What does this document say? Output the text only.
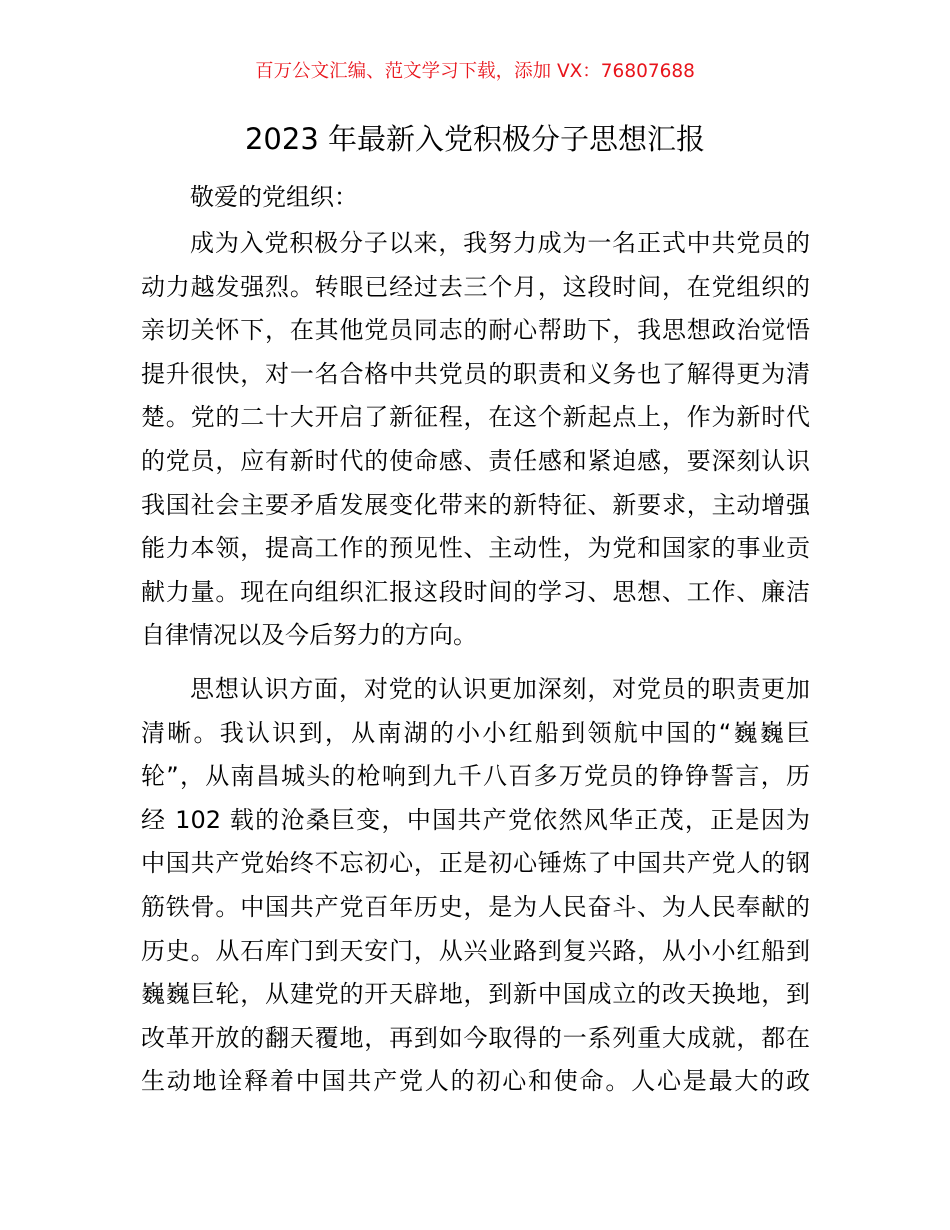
百万公文汇编、范文学习下载，添加 VX：76807688
2023 年最新入党积极分子思想汇报
敬爱的党组织：
成为入党积极分子以来，我努力成为一名正式中共党员的
动力越发强烈。转眼已经过去三个月，这段时间，在党组织的
亲切关怀下，在其他党员同志的耐心帮助下，我思想政治觉悟
提升很快，对一名合格中共党员的职责和义务也了解得更为清
楚。党的二十大开启了新征程，在这个新起点上，作为新时代
的党员，应有新时代的使命感、责任感和紧迫感，要深刻认识
我国社会主要矛盾发展变化带来的新特征、新要求，主动增强
能力本领，提高工作的预见性、主动性，为党和国家的事业贡
献力量。现在向组织汇报这段时间的学习、思想、工作、廉洁
自律情况以及今后努力的方向。
思想认识方面，对党的认识更加深刻，对党员的职责更加
清晰。我认识到，从南湖的小小红船到领航中国的“巍巍巨
轮”，从南昌城头的枪响到九千八百多万党员的铮铮誓言，历
经 102 载的沧桑巨变，中国共产党依然风华正茂，正是因为
中国共产党始终不忘初心，正是初心锤炼了中国共产党人的钢
筋铁骨。中国共产党百年历史，是为人民奋斗、为人民奉献的
历史。从石库门到天安门，从兴业路到复兴路，从小小红船到
巍巍巨轮，从建党的开天辟地，到新中国成立的改天换地，到
改革开放的翻天覆地，再到如今取得的一系列重大成就，都在
生动地诠释着中国共产党人的初心和使命。人心是最大的政
